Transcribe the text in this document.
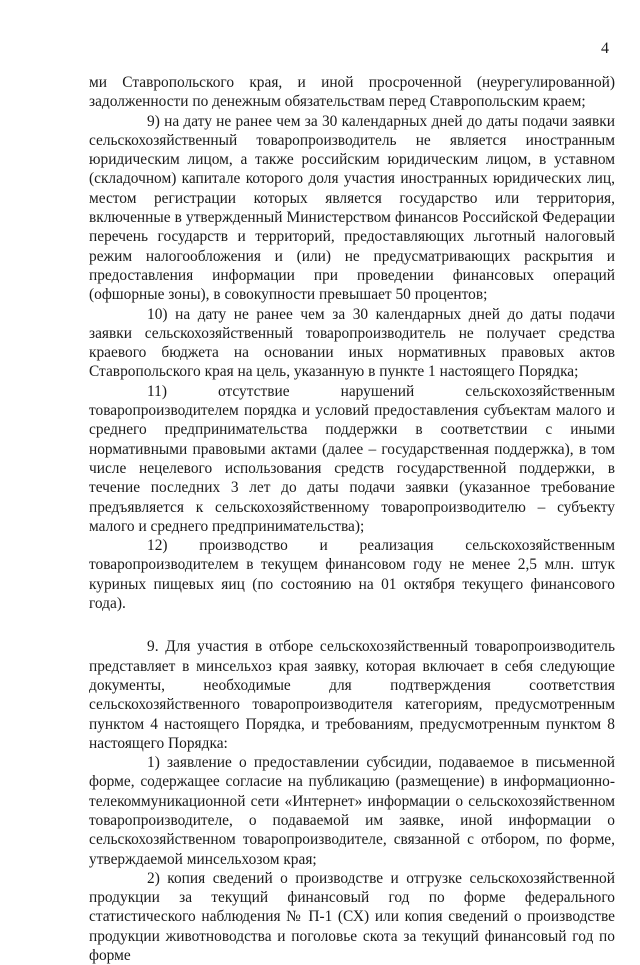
4

ми Ставропольского края, и иной просроченной (неурегулированной) задолженности по денежным обязательствам перед Ставропольским краем;

9) на дату не ранее чем за 30 календарных дней до даты подачи заявки сельскохозяйственный товаропроизводитель не является иностранным юридическим лицом, а также российским юридическим лицом, в уставном (складочном) капитале которого доля участия иностранных юридических лиц, местом регистрации которых является государство или территория, включенные в утвержденный Министерством финансов Российской Федерации перечень государств и территорий, предоставляющих льготный налоговый режим налогообложения и (или) не предусматривающих раскрытия и предоставления информации при проведении финансовых операций (офшорные зоны), в совокупности превышает 50 процентов;

10) на дату не ранее чем за 30 календарных дней до даты подачи заявки сельскохозяйственный товаропроизводитель не получает средства краевого бюджета на основании иных нормативных правовых актов Ставропольского края на цель, указанную в пункте 1 настоящего Порядка;

11) отсутствие нарушений сельскохозяйственным товаропроизводителем порядка и условий предоставления субъектам малого и среднего предпринимательства поддержки в соответствии с иными нормативными правовыми актами (далее – государственная поддержка), в том числе нецелевого использования средств государственной поддержки, в течение последних 3 лет до даты подачи заявки (указанное требование предъявляется к сельскохозяйственному товаропроизводителю – субъекту малого и среднего предпринимательства);

12) производство и реализация сельскохозяйственным товаропроизводителем в текущем финансовом году не менее 2,5 млн. штук куриных пищевых яиц (по состоянию на 01 октября текущего финансового года).

9. Для участия в отборе сельскохозяйственный товаропроизводитель представляет в минсельхоз края заявку, которая включает в себя следующие документы, необходимые для подтверждения соответствия сельскохозяйственного товаропроизводителя категориям, предусмотренным пунктом 4 настоящего Порядка, и требованиям, предусмотренным пунктом 8 настоящего Порядка:

1) заявление о предоставлении субсидии, подаваемое в письменной форме, содержащее согласие на публикацию (размещение) в информационно-телекоммуникационной сети «Интернет» информации о сельскохозяйственном товаропроизводителе, о подаваемой им заявке, иной информации о сельскохозяйственном товаропроизводителе, связанной с отбором, по форме, утверждаемой минсельхозом края;

2) копия сведений о производстве и отгрузке сельскохозяйственной продукции за текущий финансовый год по форме федерального статистического наблюдения № П-1 (СХ) или копия сведений о производстве продукции животноводства и поголовье скота за текущий финансовый год по форме
